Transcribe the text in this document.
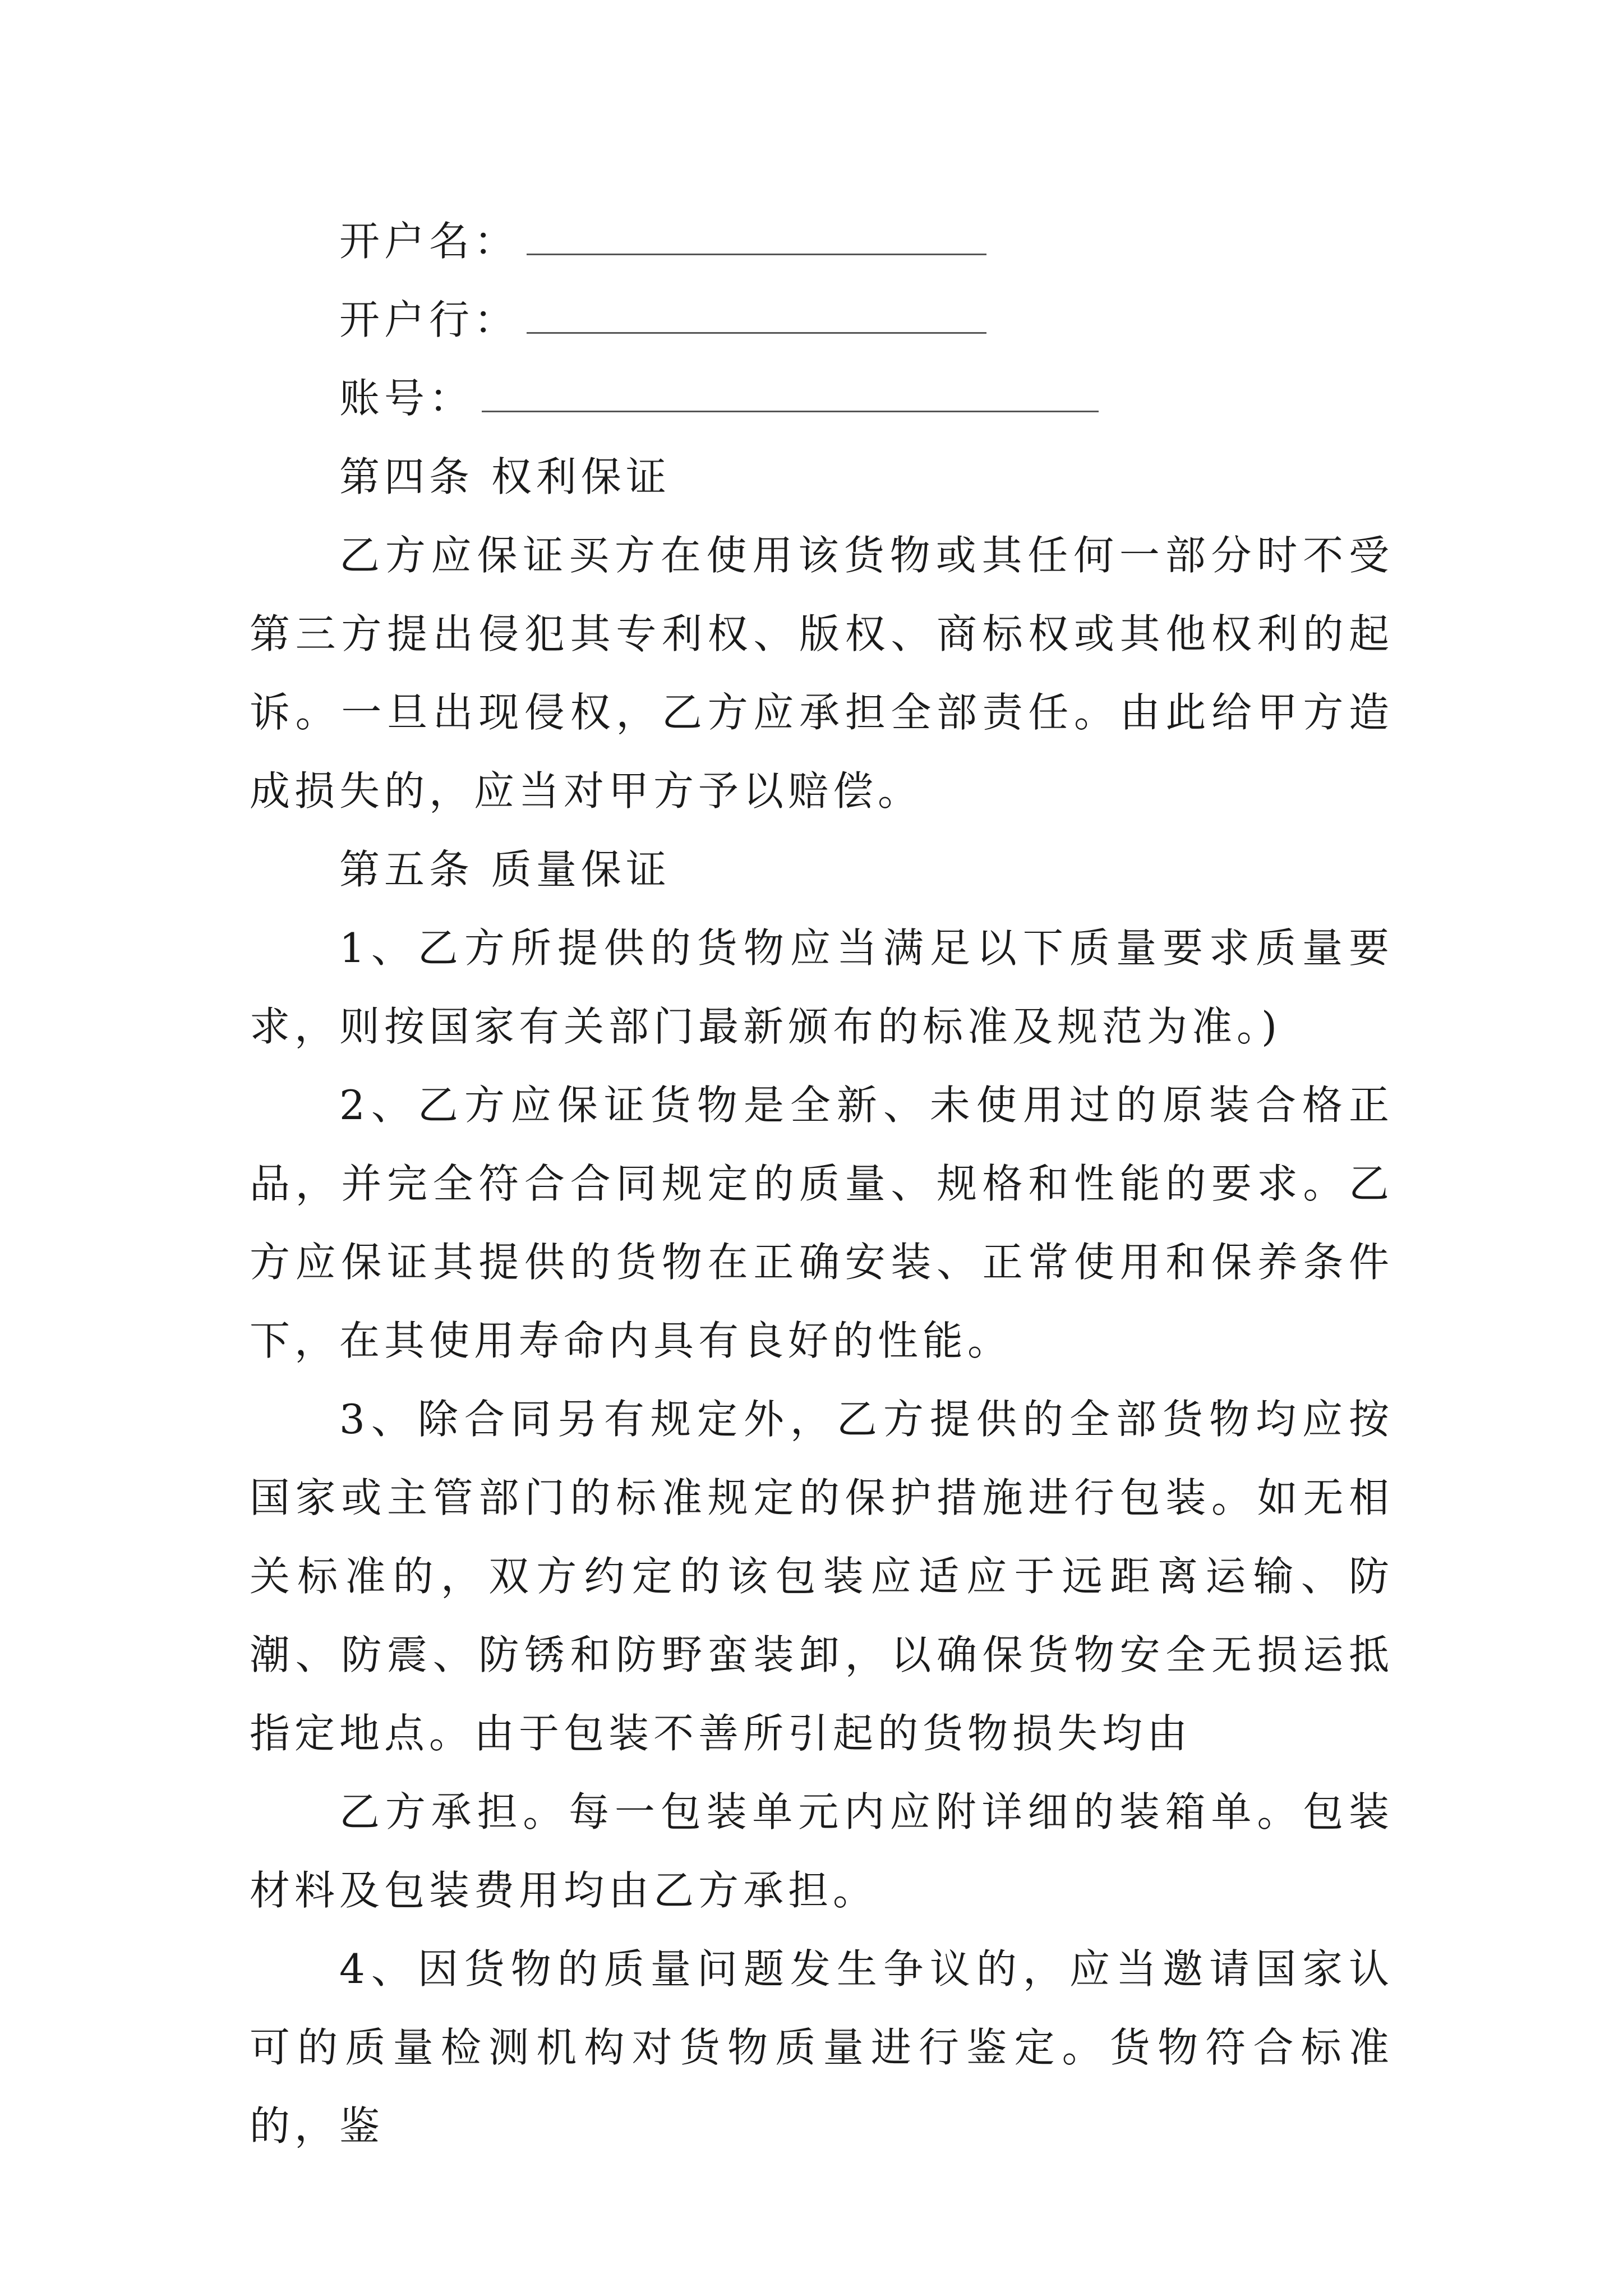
开户名：
开户行：
账号：
第四条 权利保证

乙方应保证买方在使用该货物或其任何一部分时不受第三方提出侵犯其专利权、版权、商标权或其他权利的起诉。一旦出现侵权，乙方应承担全部责任。由此给甲方造成损失的，应当对甲方予以赔偿。

第五条 质量保证

1、乙方所提供的货物应当满足以下质量要求质量要求，则按国家有关部门最新颁布的标准及规范为准。)

2、乙方应保证货物是全新、未使用过的原装合格正品，并完全符合合同规定的质量、规格和性能的要求。乙方应保证其提供的货物在正确安装、正常使用和保养条件下，在其使用寿命内具有良好的性能。

3、除合同另有规定外，乙方提供的全部货物均应按国家或主管部门的标准规定的保护措施进行包装。如无相关标准的，双方约定的该包装应适应于远距离运输、防潮、防震、防锈和防野蛮装卸，以确保货物安全无损运抵指定地点。由于包装不善所引起的货物损失均由

乙方承担。每一包装单元内应附详细的装箱单。包装材料及包装费用均由乙方承担。

4、因货物的质量问题发生争议的，应当邀请国家认可的质量检测机构对货物质量进行鉴定。货物符合标准的，鉴
